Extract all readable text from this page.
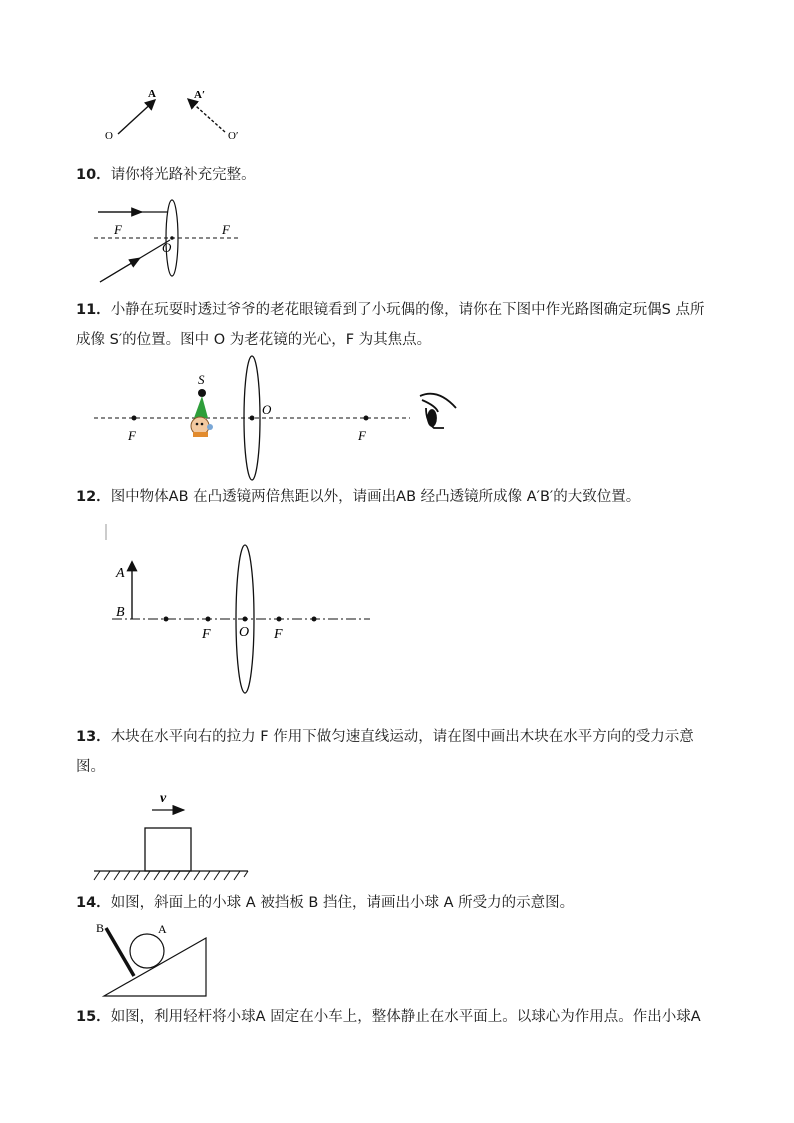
A	A′
O	O′
10．请你将光路补充完整。
F	F
O
11．小静在玩耍时透过爷爷的老花眼镜看到了小玩偶的像，请你在下图中作光路图确定玩偶S 点所
成像 S′的位置。图中 O 为老花镜的光心，F 为其焦点。
S
O
F	F
12．图中物体AB 在凸透镜两倍焦距以外，请画出AB 经凸透镜所成像 A′B′的大致位置。
A
B
F O F
13．木块在水平向右的拉力 F 作用下做匀速直线运动，请在图中画出木块在水平方向的受力示意
图。
v
14．如图，斜面上的小球 A 被挡板 B 挡住，请画出小球 A 所受力的示意图。
B	A
15．如图，利用轻杆将小球A 固定在小车上，整体静止在水平面上。以球心为作用点。作出小球A
